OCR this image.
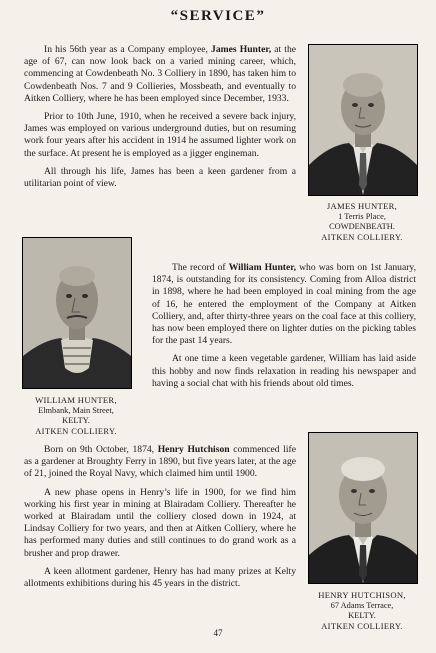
“SERVICE”

In his 56th year as a Company employee, James Hunter, at the age of 67, can now look back on a varied mining career, which, commencing at Cowdenbeath No. 3 Colliery in 1890, has taken him to Cowdenbeath Nos. 7 and 9 Collieries, Mossbeath, and eventually to Aitken Colliery, where he has been employed since December, 1933.

Prior to 10th June, 1910, when he received a severe back injury, James was employed on various underground duties, but on resuming work four years after his accident in 1914 he assumed lighter work on the surface. At present he is employed as a jigger engineman.

All through his life, James has been a keen gardener from a utilitarian point of view.

JAMES HUNTER,
1 Terris Place,
COWDENBEATH.
AITKEN COLLIERY.
WILLIAM HUNTER,
Elmbank, Main Street,
KELTY.
AITKEN COLLIERY.

The record of William Hunter, who was born on 1st January, 1874, is outstanding for its consistency. Coming from Alloa district in 1898, where he had been employed in coal mining from the age of 16, he entered the employment of the Company at Aitken Colliery, and, after thirty-three years on the coal face at this colliery, has now been employed there on lighter duties on the picking tables for the past 14 years.

At one time a keen vegetable gardener, William has laid aside this hobby and now finds relaxation in reading his newspaper and having a social chat with his friends about old times.

Born on 9th October, 1874, Henry Hutchison commenced life as a gardener at Broughty Ferry in 1890, but five years later, at the age of 21, joined the Royal Navy, which claimed him until 1900.

A new phase opens in Henry’s life in 1900, for we find him working his first year in mining at Blairadam Colliery. Thereafter he worked at Blairadam until the colliery closed down in 1924, at Lindsay Colliery for two years, and then at Aitken Colliery, where he has performed many duties and still continues to do grand work as a brusher and prop drawer.

A keen allotment gardener, Henry has had many prizes at Kelty allotments exhibitions during his 45 years in the district.

HENRY HUTCHISON,
67 Adams Terrace,
KELTY.
AITKEN COLLIERY.
47
